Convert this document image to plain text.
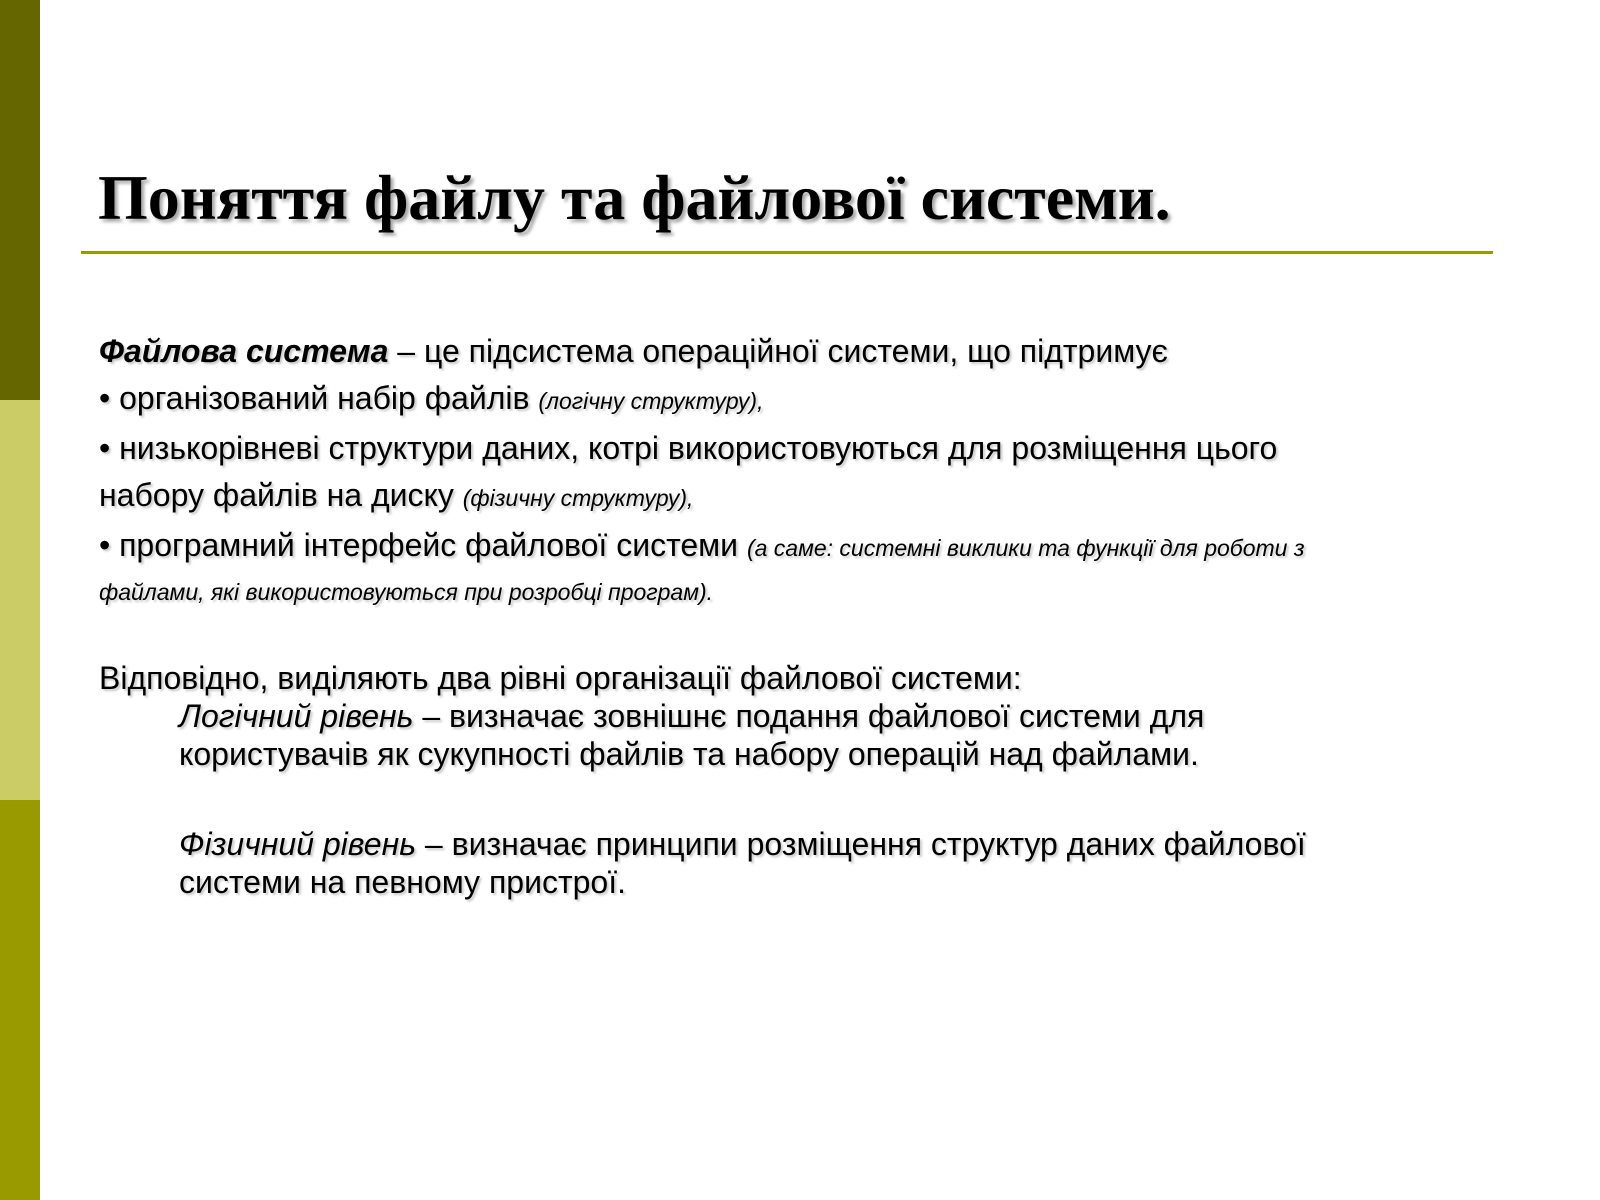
Поняття файлу та файлової системи.
Файлова система – це підсистема операційної системи, що підтримує
• організований набір файлів (логічну структуру),
• низькорівневі структури даних, котрі використовуються для розміщення цього
набору файлів на диску (фізичну структуру),
• програмний інтерфейс файлової системи (а саме: системні виклики та функції для роботи з
файлами, які використовуються при розробці програм).
Відповідно, виділяють два рівні організації файлової системи:
Логічний рівень – визначає зовнішнє подання файлової системи для
користувачів як сукупності файлів та набору операцій над файлами.
Фізичний рівень – визначає принципи розміщення структур даних файлової
системи на певному пристрої.
